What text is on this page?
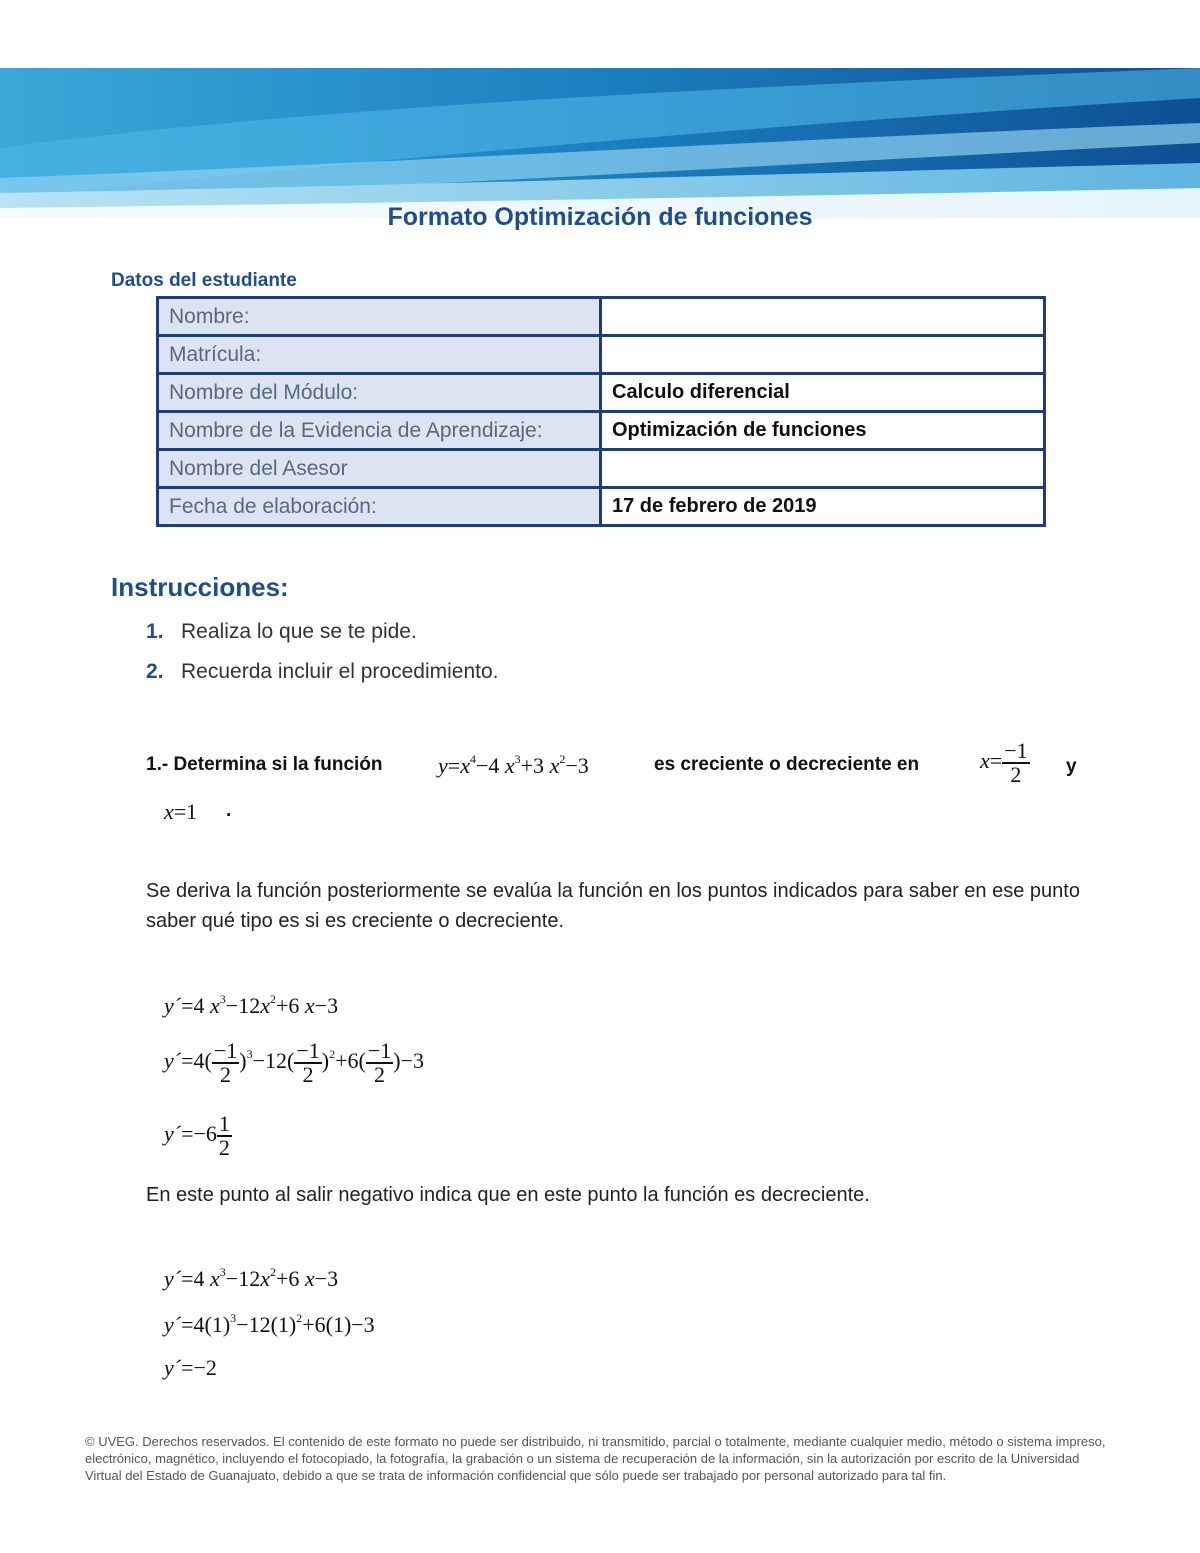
Formato Optimización de funciones
Datos del estudiante
Nombre:	
Matrícula:	
Nombre del Módulo:	Calculo diferencial
Nombre de la Evidencia de Aprendizaje:	Optimización de funciones
Nombre del Asesor	
Fecha de elaboración:	17 de febrero de 2019
Instrucciones:
1. Realiza lo que se te pide.
2. Recuerda incluir el procedimiento.
1.- Determina si la función	$y=x^4-4$ $x^3+3$ $x^2-3$	es creciente o decreciente en	$x= \frac{-1}{2}$ y
x=1 .
Se deriva la función posteriormente se evalúa la función en los puntos indicados para saber en ese punto saber qué tipo es si es creciente o decreciente.
y´=4 $x^3-12x^2+6$ x−3
y´=4( $\frac{-1}{2} )^3-12( \frac{-1}{2} )^2+6( \frac{-1}{2} )-3$
y´=−6 $\frac{1}{2}$
En este punto al salir negativo indica que en este punto la función es decreciente.
y´=4 $x^3-12x^2+6$ x−3
$y´=4(1)^3-12(1)^2+6(1)-3$
y´=−2
© UVEG. Derechos reservados. El contenido de este formato no puede ser distribuido, ni transmitido, parcial o totalmente, mediante cualquier medio, método o sistema impreso, electrónico, magnético, incluyendo el fotocopiado, la fotografía, la grabación o un sistema de recuperación de la información, sin la autorización por escrito de la Universidad Virtual del Estado de Guanajuato, debido a que se trata de información confidencial que sólo puede ser trabajado por personal autorizado para tal fin.
